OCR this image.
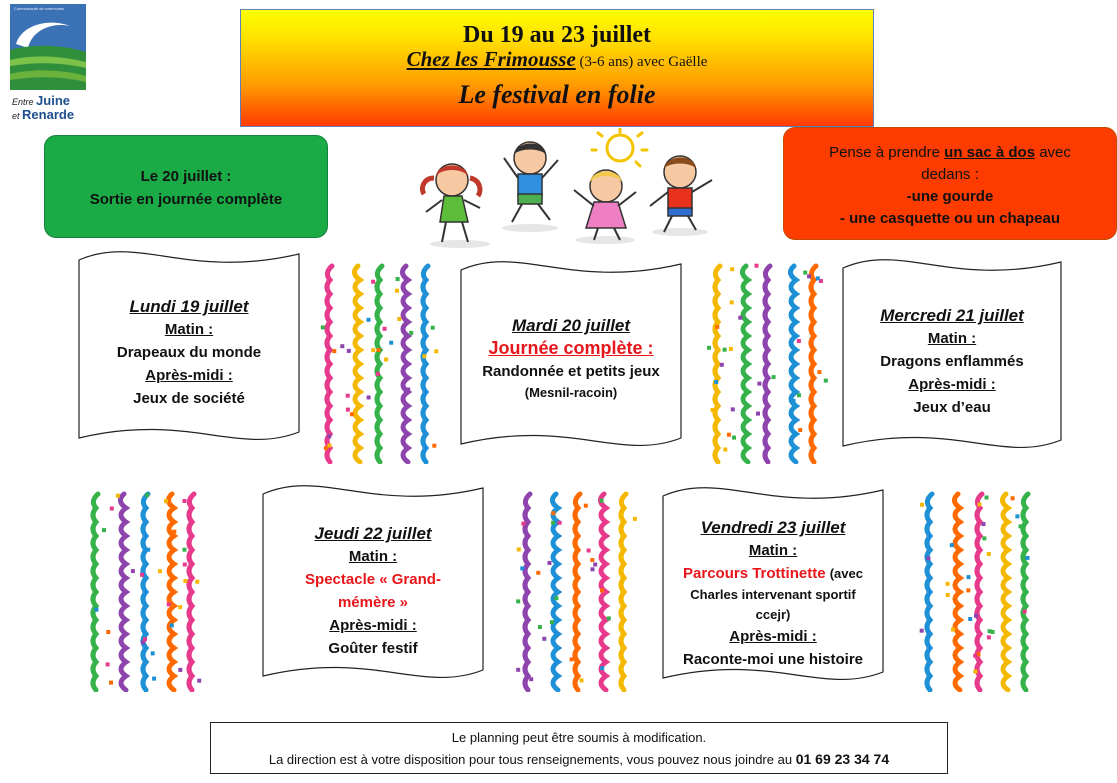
Communauté de communes
Entre Juine
et Renarde
Du 19 au 23 juillet
Chez les Frimousse (3-6 ans) avec Gaëlle
Le festival en folie
Le 20 juillet :
Sortie en journée complète
Pense à prendre un sac à dos avec
dedans :
-une gourde
- une casquette ou un chapeau
Lundi 19 juillet
Matin :
Drapeaux du monde
Après-midi :
Jeux de société
Mardi 20 juillet
Journée complète :
Randonnée et petits jeux
(Mesnil-racoin)
Mercredi 21 juillet
Matin :
Dragons enflammés
Après-midi :
Jeux d’eau
Jeudi 22 juillet
Matin :
Spectacle « Grand-
mémère »
Après-midi :
Goûter festif
Vendredi 23 juillet
Matin :
Parcours Trottinette (avec
Charles intervenant sportif
ccejr)
Après-midi :
Raconte-moi une histoire
Le planning peut être soumis à modification.
La direction est à votre disposition pour tous renseignements, vous pouvez nous joindre au 01 69 23 34 74
